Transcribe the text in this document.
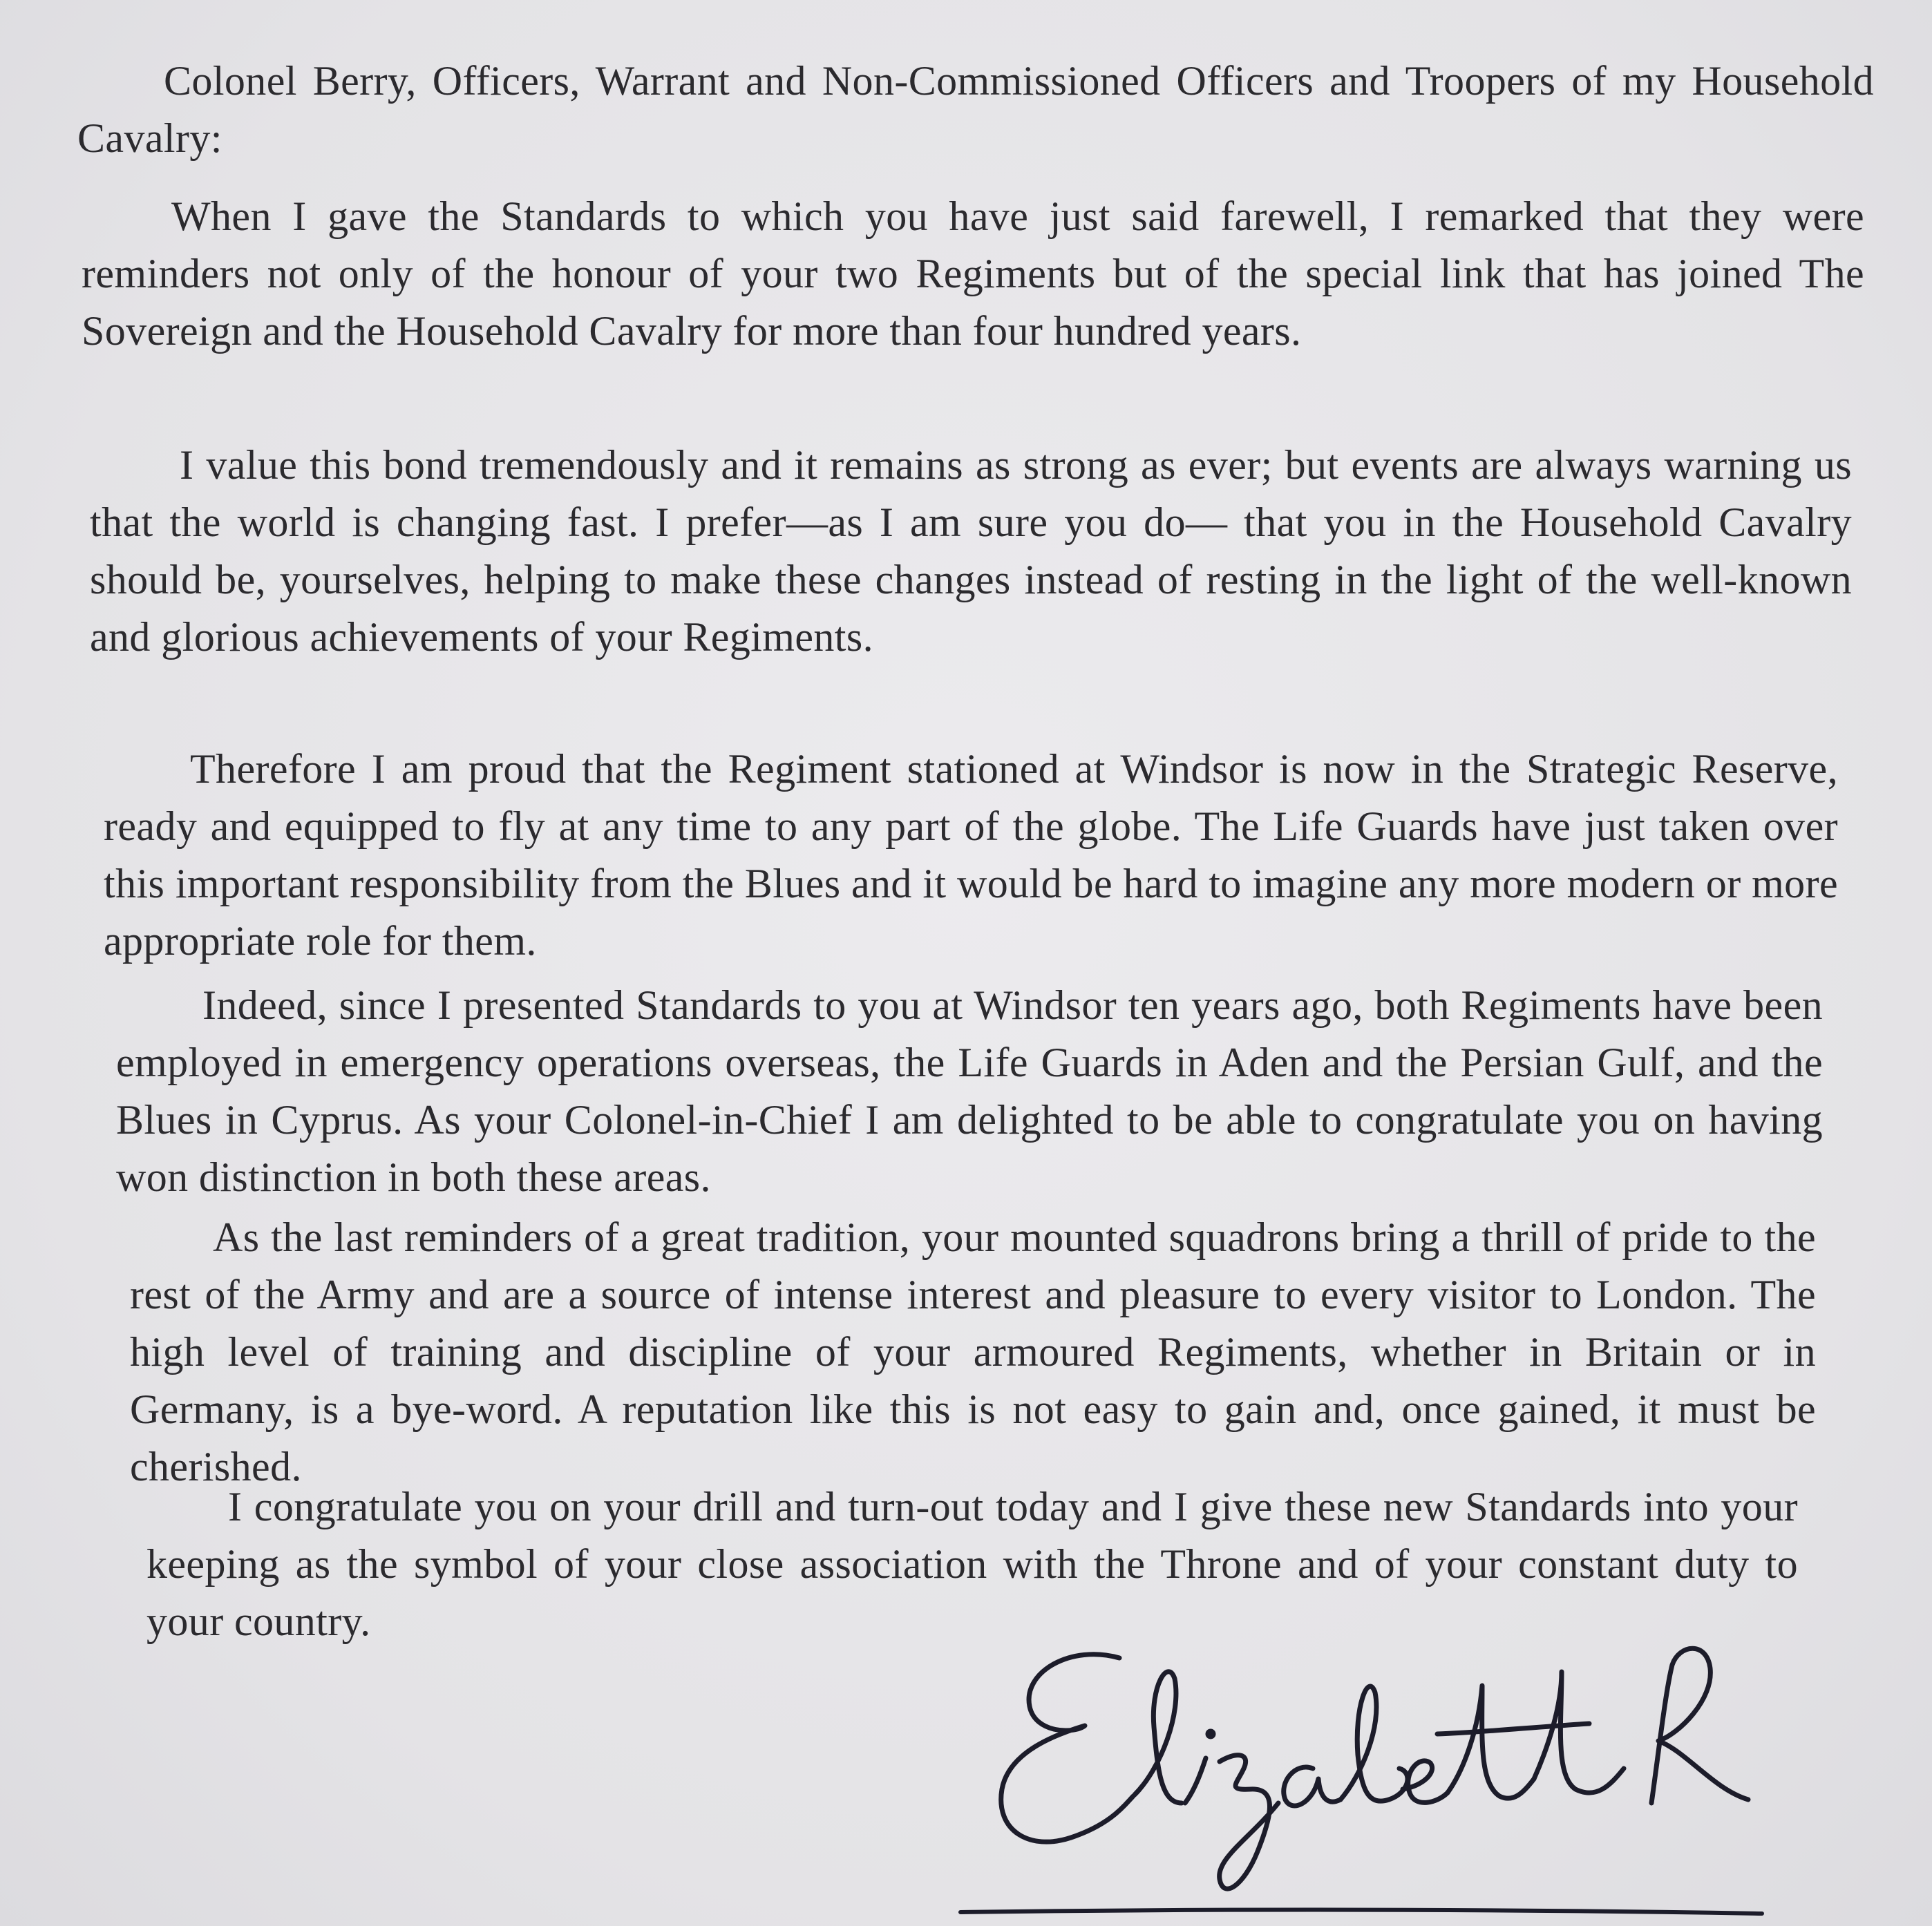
Colonel Berry, Officers, Warrant and Non-Commissioned Officers and Troopers of my Household Cavalry:

When I gave the Standards to which you have just said farewell, I remarked that they were reminders not only of the honour of your two Regiments but of the special link that has joined The Sovereign and the Household Cavalry for more than four hundred years.

I value this bond tremendously and it remains as strong as ever; but events are always warning us that the world is changing fast. I prefer—as I am sure you do— that you in the Household Cavalry should be, yourselves, helping to make these changes instead of resting in the light of the well-known and glorious achievements of your Regiments.

Therefore I am proud that the Regiment stationed at Windsor is now in the Strategic Reserve, ready and equipped to fly at any time to any part of the globe. The Life Guards have just taken over this important responsibility from the Blues and it would be hard to imagine any more modern or more appropriate role for them.

Indeed, since I presented Standards to you at Windsor ten years ago, both Regiments have been employed in emergency operations overseas, the Life Guards in Aden and the Persian Gulf, and the Blues in Cyprus. As your Colonel-in-Chief I am delighted to be able to congratulate you on having won distinction in both these areas.

As the last reminders of a great tradition, your mounted squadrons bring a thrill of pride to the rest of the Army and are a source of intense interest and pleasure to every visitor to London. The high level of training and discipline of your armoured Regiments, whether in Britain or in Germany, is a bye-word. A reputation like this is not easy to gain and, once gained, it must be cherished.

I congratulate you on your drill and turn-out today and I give these new Standards into your keeping as the symbol of your close association with the Throne and of your constant duty to your country.
